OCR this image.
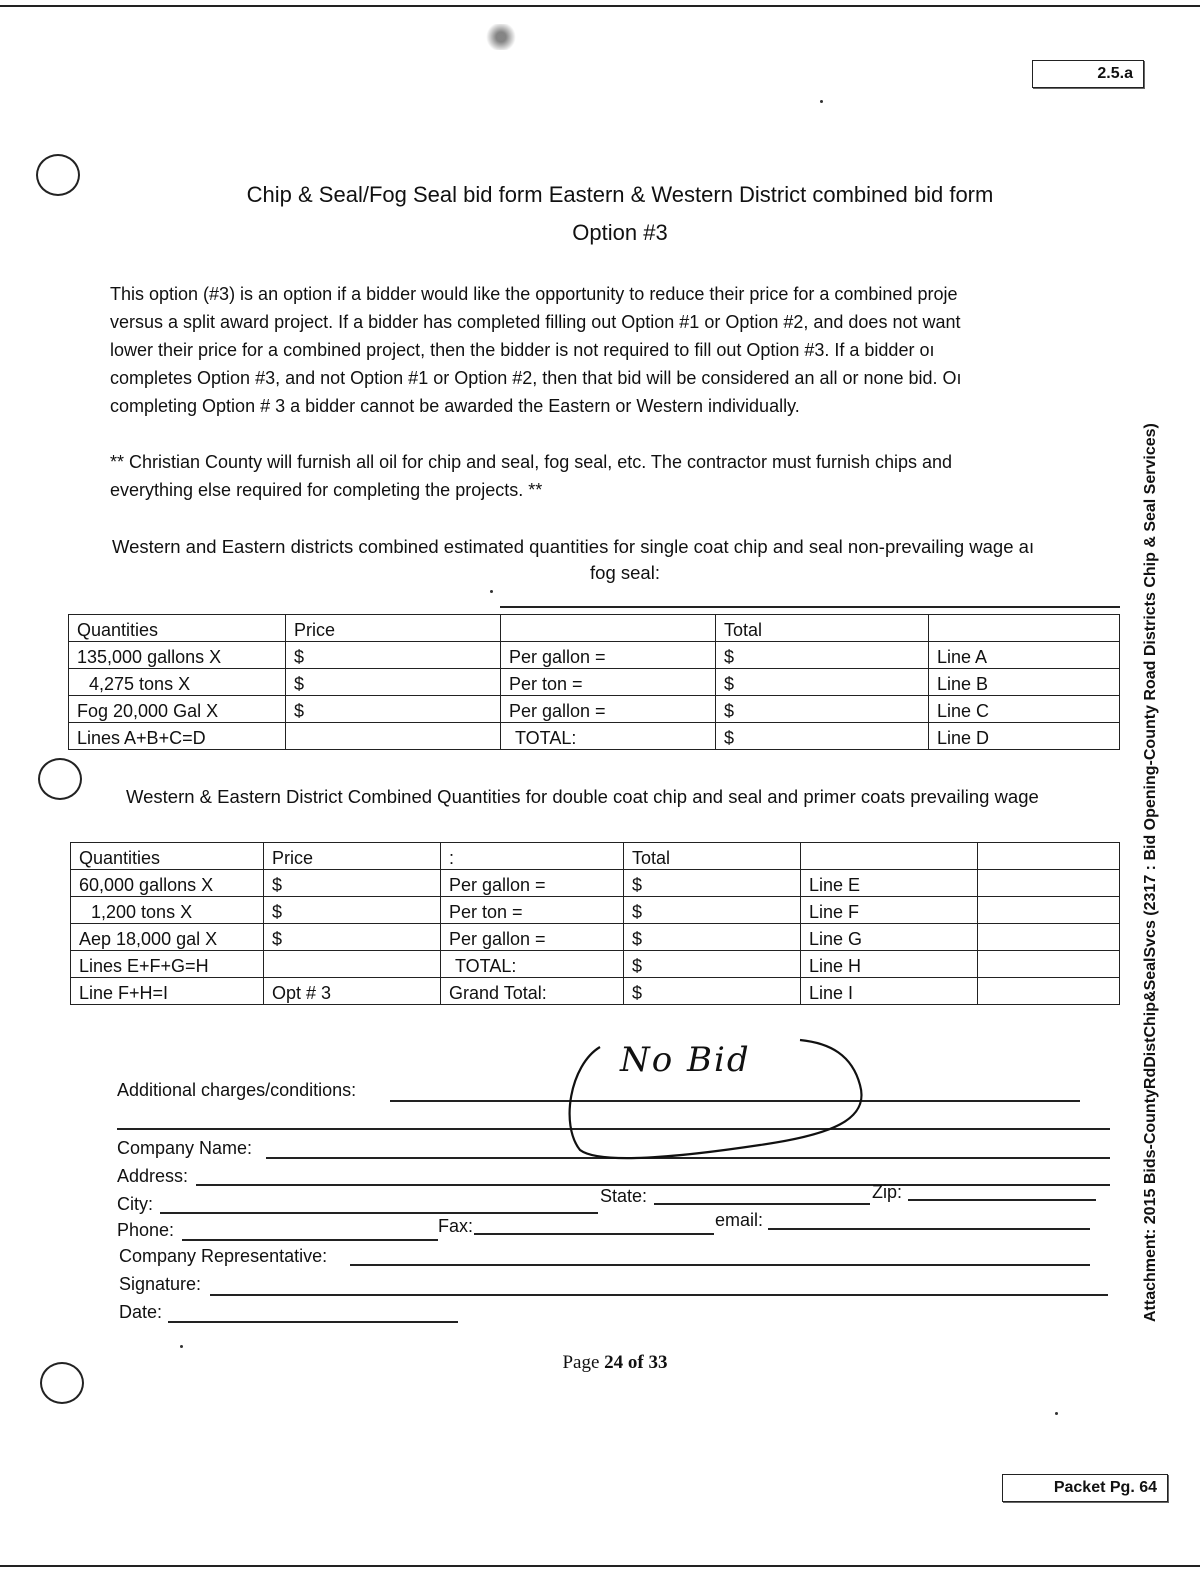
2.5.a
Chip & Seal/Fog Seal bid form Eastern & Western District combined bid form
Option #3
This option (#3) is an option if a bidder would like the opportunity to reduce their price for a combined proje
versus a split award project. If a bidder has completed filling out Option #1 or Option #2, and does not want
lower their price for a combined project, then the bidder is not required to fill out Option #3. If a bidder oı
completes Option #3, and not Option #1 or Option #2, then that bid will be considered an all or none bid. Oı
completing Option # 3 a bidder cannot be awarded the Eastern or Western individually.
** Christian County will furnish all oil for chip and seal, fog seal, etc. The contractor must furnish chips and
everything else required for completing the projects. **
Western and Eastern districts combined estimated quantities for single coat chip and seal non-prevailing wage aı
fog seal:
Quantities	Price		Total	
135,000 gallons X	$	Per gallon =	$	Line A
4,275 tons X	$	Per ton =	$	Line B
Fog 20,000 Gal X	$	Per gallon =	$	Line C
Lines A+B+C=D		TOTAL:	$	Line D
Western & Eastern District Combined Quantities for double coat chip and seal and primer coats prevailing wage
Quantities	Price	:	Total		
60,000 gallons X	$	Per gallon =	$	Line E	
1,200 tons X	$	Per ton =	$	Line F	
Aep 18,000 gal X	$	Per gallon =	$	Line G	
Lines E+F+G=H		TOTAL:	$	Line H	
Line F+H=I	Opt # 3	Grand Total:	$	Line I	
Additional charges/conditions:
Company Name:
Address:
City:	State:	Zip:
Phone:	Fax:	email:
Company Representative:
Signature:
Date:
No Bid
Page 24 of 33
Attachment: 2015 Bids-CountyRdDistChip&SealSvcs (2317 : Bid Opening-County Road Districts Chip & Seal Services)
Packet Pg. 64
